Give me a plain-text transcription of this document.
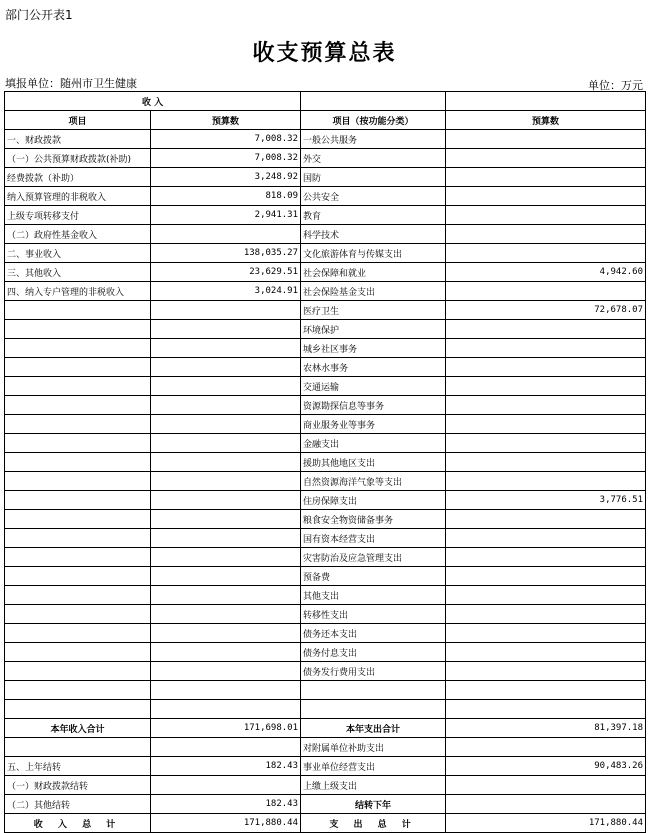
部门公开表1
收支预算总表
填报单位：随州市卫生健康	单位：万元
收 入			
项目	预算数	项目（按功能分类）	预算数
一、财政拨款	7,008.32	一般公共服务	
（一）公共预算财政拨款(补助)	7,008.32	外交	
经费拨款（补助）	3,248.92	国防	
纳入预算管理的非税收入	818.09	公共安全	
上级专项转移支付	2,941.31	教育	
（二）政府性基金收入		科学技术	
二、事业收入	138,035.27	文化旅游体育与传媒支出	
三、其他收入	23,629.51	社会保障和就业	4,942.60
四、纳入专户管理的非税收入	3,024.91	社会保险基金支出	
		医疗卫生	72,678.07
		环境保护	
		城乡社区事务	
		农林水事务	
		交通运输	
		资源勘探信息等事务	
		商业服务业等事务	
		金融支出	
		援助其他地区支出	
		自然资源海洋气象等支出	
		住房保障支出	3,776.51
		粮食安全物资储备事务	
		国有资本经营支出	
		灾害防治及应急管理支出	
		预备费	
		其他支出	
		转移性支出	
		债务还本支出	
		债务付息支出	
		债务发行费用支出	

本年收入合计	171,698.01	本年支出合计	81,397.18
		对附属单位补助支出	
五、上年结转	182.43	事业单位经营支出	90,483.26
（一）财政拨款结转		上缴上级支出	
（二）其他结转	182.43	结转下年	
收 入 总 计	171,880.44	支 出 总 计	171,880.44
